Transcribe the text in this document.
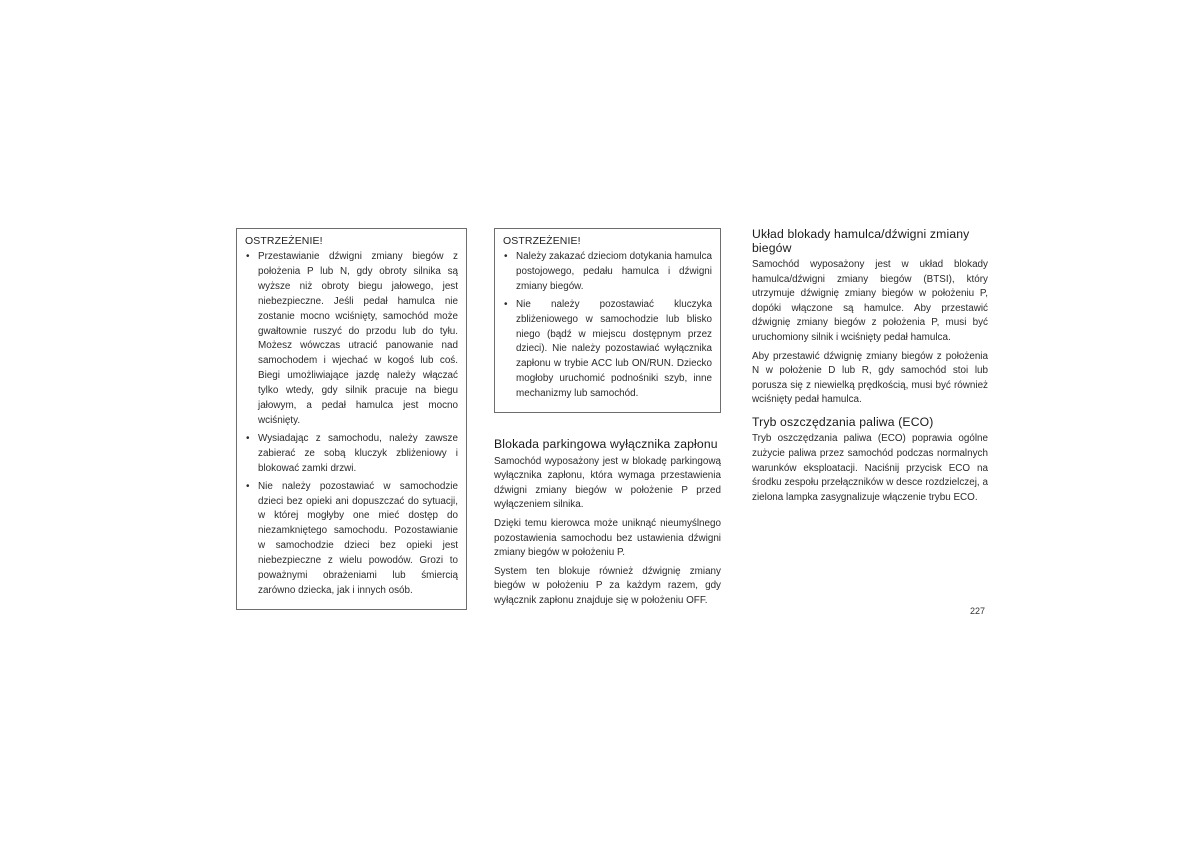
OSTRZEŻENIE!
• Przestawianie dźwigni zmiany biegów z położenia P lub N, gdy obroty silnika są wyższe niż obroty biegu jałowego, jest niebezpieczne. Jeśli pedał hamulca nie zostanie mocno wciśnięty, samochód może gwałtownie ruszyć do przodu lub do tyłu. Możesz wówczas utracić panowanie nad samochodem i wjechać w kogoś lub coś. Biegi umożliwiające jazdę należy włączać tylko wtedy, gdy silnik pracuje na biegu jałowym, a pedał hamulca jest mocno wciśnięty.
• Wysiadając z samochodu, należy zawsze zabierać ze sobą kluczyk zbliżeniowy i blokować zamki drzwi.
• Nie należy pozostawiać w samochodzie dzieci bez opieki ani dopuszczać do sytuacji, w której mogłyby one mieć dostęp do niezamkniętego samochodu. Pozostawianie w samochodzie dzieci bez opieki jest niebezpieczne z wielu powodów. Grozi to poważnymi obrażeniami lub śmiercią zarówno dziecka, jak i innych osób.
OSTRZEŻENIE!
• Należy zakazać dzieciom dotykania hamulca postojowego, pedału hamulca i dźwigni zmiany biegów.
• Nie należy pozostawiać kluczyka zbliżeniowego w samochodzie lub blisko niego (bądź w miejscu dostępnym przez dzieci). Nie należy pozostawiać wyłącznika zapłonu w trybie ACC lub ON/RUN. Dziecko mogłoby uruchomić podnośniki szyb, inne mechanizmy lub samochód.
Blokada parkingowa wyłącznika zapłonu

Samochód wyposażony jest w blokadę parkingową wyłącznika zapłonu, która wymaga przestawienia dźwigni zmiany biegów w położenie P przed wyłączeniem silnika.

Dzięki temu kierowca może uniknąć nieumyślnego pozostawienia samochodu bez ustawienia dźwigni zmiany biegów w położeniu P.

System ten blokuje również dźwignię zmiany biegów w położeniu P za każdym razem, gdy wyłącznik zapłonu znajduje się w położeniu OFF.

Układ blokady hamulca/dźwigni zmiany biegów

Samochód wyposażony jest w układ blokady hamulca/dźwigni zmiany biegów (BTSI), który utrzymuje dźwignię zmiany biegów w położeniu P, dopóki włączone są hamulce. Aby przestawić dźwignię zmiany biegów z położenia P, musi być uruchomiony silnik i wciśnięty pedał hamulca.

Aby przestawić dźwignię zmiany biegów z położenia N w położenie D lub R, gdy samochód stoi lub porusza się z niewielką prędkością, musi być również wciśnięty pedał hamulca.

Tryb oszczędzania paliwa (ECO)

Tryb oszczędzania paliwa (ECO) poprawia ogólne zużycie paliwa przez samochód podczas normalnych warunków eksploatacji. Naciśnij przycisk ECO na środku zespołu przełączników w desce rozdzielczej, a zielona lampka zasygnalizuje włączenie trybu ECO.

227
